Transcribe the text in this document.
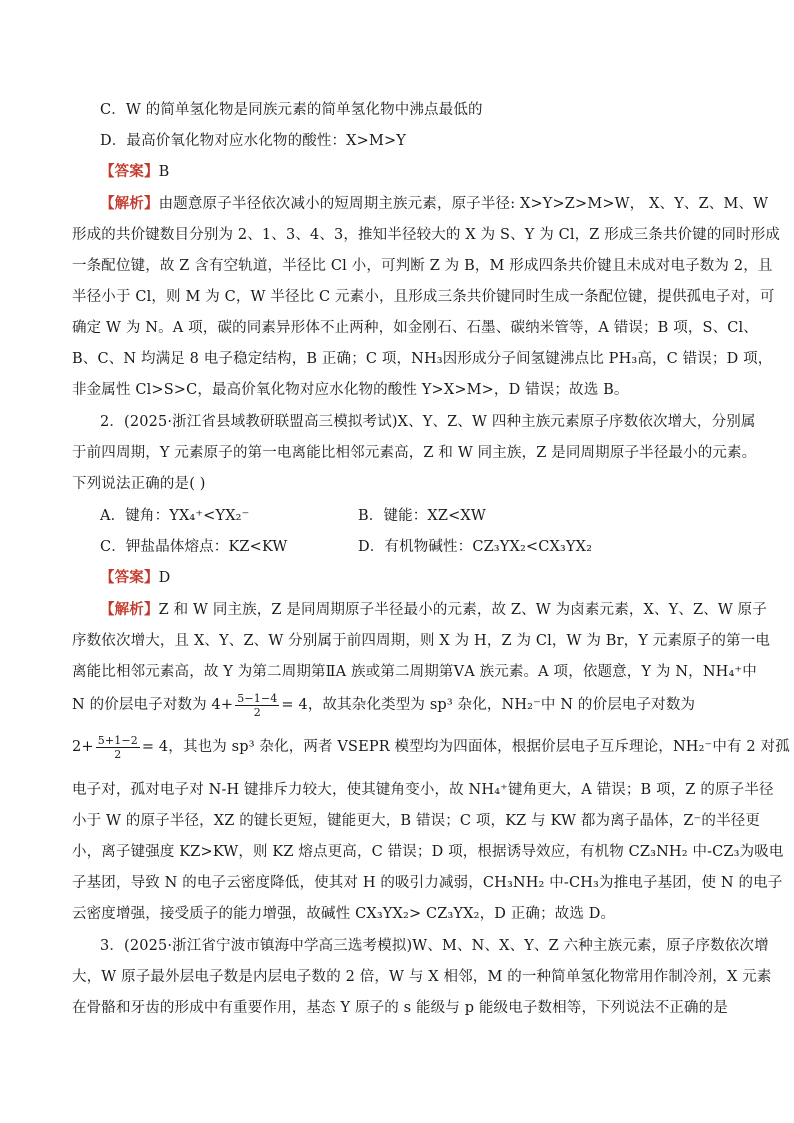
C．W 的简单氢化物是同族元素的简单氢化物中沸点最低的
D．最高价氧化物对应水化物的酸性：X>M>Y
【答案】B
【解析】由题意原子半径依次减小的短周期主族元素，原子半径: X>Y>Z>M>W， X、Y、Z、M、W
形成的共价键数目分别为 2、1、3、4、3，推知半径较大的 X 为 S、Y 为 Cl，Z 形成三条共价键的同时形成
一条配位键，故 Z 含有空轨道，半径比 Cl 小，可判断 Z 为 B，M 形成四条共价键且未成对电子数为 2，且
半径小于 Cl，则 M 为 C，W 半径比 C 元素小，且形成三条共价键同时生成一条配位键，提供孤电子对，可
确定 W 为 N。A 项，碳的同素异形体不止两种，如金刚石、石墨、碳纳米管等，A 错误；B 项，S、Cl、
B、C、N 均满足 8 电子稳定结构，B 正确；C 项，NH₃因形成分子间氢键沸点比 PH₃高，C 错误；D 项，
非金属性 Cl>S>C，最高价氧化物对应水化物的酸性 Y>X>M>，D 错误；故选 B。
2．(2025·浙江省县域教研联盟高三模拟考试)X、Y、Z、W 四种主族元素原子序数依次增大，分别属
于前四周期，Y 元素原子的第一电离能比相邻元素高，Z 和 W 同主族，Z 是同周期原子半径最小的元素。
下列说法正确的是( )
A．键角：YX₄⁺<YX₂⁻	B．键能：XZ<XW
C．钾盐晶体熔点：KZ<KW	D．有机物碱性：CZ₃YX₂<CX₃YX₂
【答案】D
【解析】Z 和 W 同主族，Z 是同周期原子半径最小的元素，故 Z、W 为卤素元素，X、Y、Z、W 原子
序数依次增大，且 X、Y、Z、W 分别属于前四周期，则 X 为 H，Z 为 Cl，W 为 Br，Y 元素原子的第一电
离能比相邻元素高，故 Y 为第二周期第ⅡA 族或第二周期第ⅤA 族元素。A 项，依题意，Y 为 N，NH₄⁺中
N 的价层电子对数为 $4+ \frac{5-1-4}{2} = 4$，故其杂化类型为 sp³ 杂化，NH₂⁻中 N 的价层电子对数为
$2+ \frac{5+1-2}{2} = 4$，其也为 sp³ 杂化，两者 VSEPR 模型均为四面体，根据价层电子互斥理论，NH₂⁻中有 2 对孤
电子对，孤对电子对 N-H 键排斥力较大，使其键角变小，故 NH₄⁺键角更大，A 错误；B 项，Z 的原子半径
小于 W 的原子半径，XZ 的键长更短，键能更大，B 错误；C 项，KZ 与 KW 都为离子晶体，Z⁻的半径更
小，离子键强度 KZ>KW，则 KZ 熔点更高，C 错误；D 项，根据诱导效应，有机物 CZ₃NH₂ 中-CZ₃为吸电
子基团，导致 N 的电子云密度降低，使其对 H 的吸引力减弱，CH₃NH₂ 中-CH₃为推电子基团，使 N 的电子
云密度增强，接受质子的能力增强，故碱性 CX₃YX₂> CZ₃YX₂，D 正确；故选 D。
3．(2025·浙江省宁波市镇海中学高三选考模拟)W、M、N、X、Y、Z 六种主族元素，原子序数依次增
大，W 原子最外层电子数是内层电子数的 2 倍，W 与 X 相邻，M 的一种简单氢化物常用作制冷剂，X 元素
在骨骼和牙齿的形成中有重要作用，基态 Y 原子的 s 能级与 p 能级电子数相等，下列说法不正确的是
